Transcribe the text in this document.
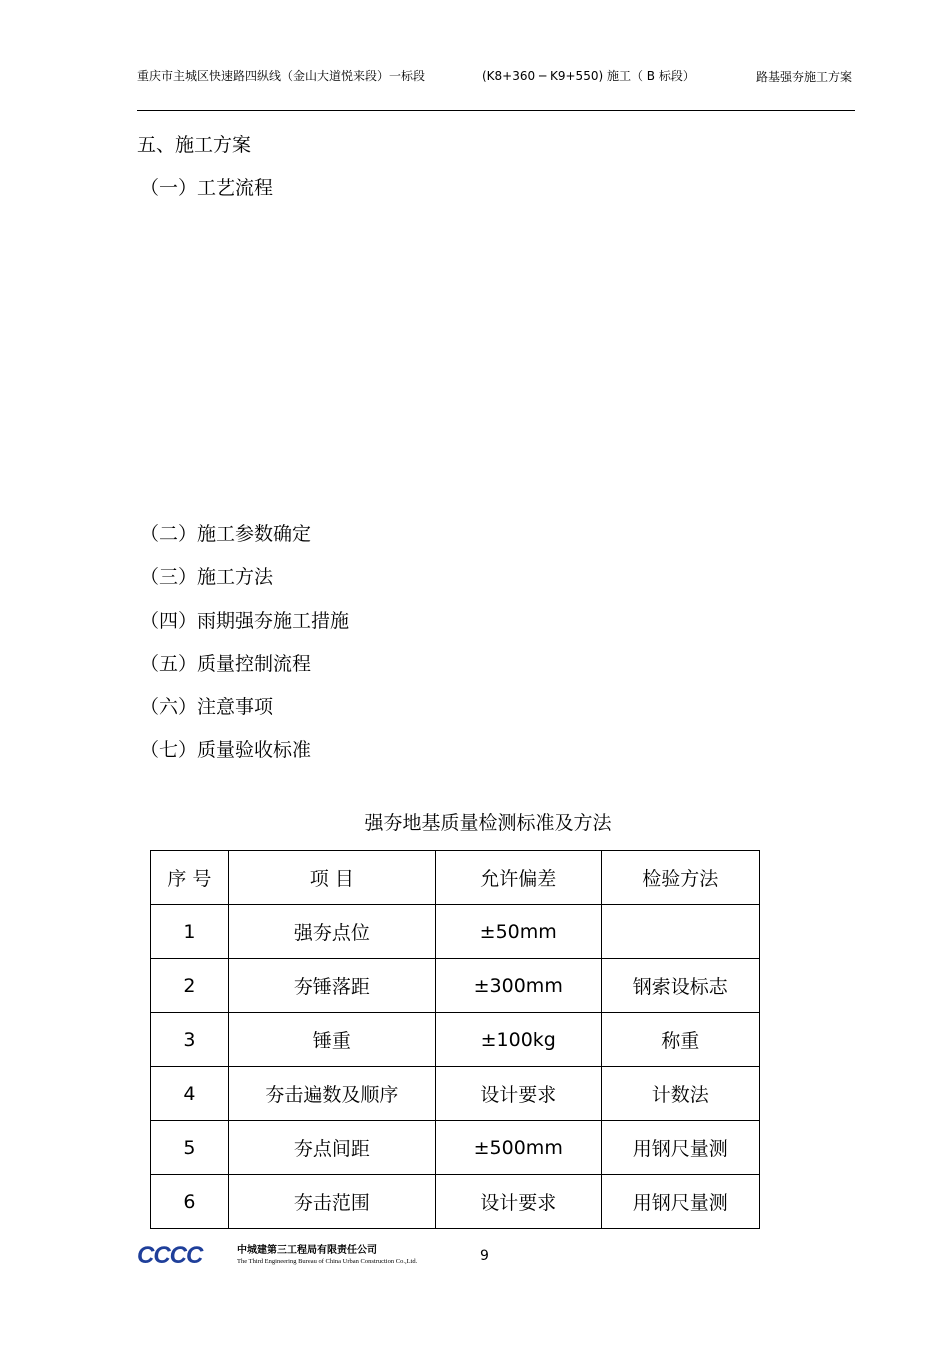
重庆市主城区快速路四纵线（金山大道悦来段）一标段	(K8+360 ─ K9+550) 施工（ B 标段）	路基强夯施工方案
五、施工方案
（一）工艺流程
（二）施工参数确定
（三）施工方法
（四）雨期强夯施工措施
（五）质量控制流程
（六）注意事项
（七）质量验收标准
强夯地基质量检测标准及方法
序 号	项 目	允许偏差	检验方法
1	强夯点位	±50mm	
2	夯锤落距	±300mm	钢索设标志
3	锤重	±100kg	称重
4	夯击遍数及顺序	设计要求	计数法
5	夯点间距	±500mm	用钢尺量测
6	夯击范围	设计要求	用钢尺量测
CCCC	中城建第三工程局有限责任公司
The Third Engineering Bureau of China Urban Construction Co.,Ltd.	9
